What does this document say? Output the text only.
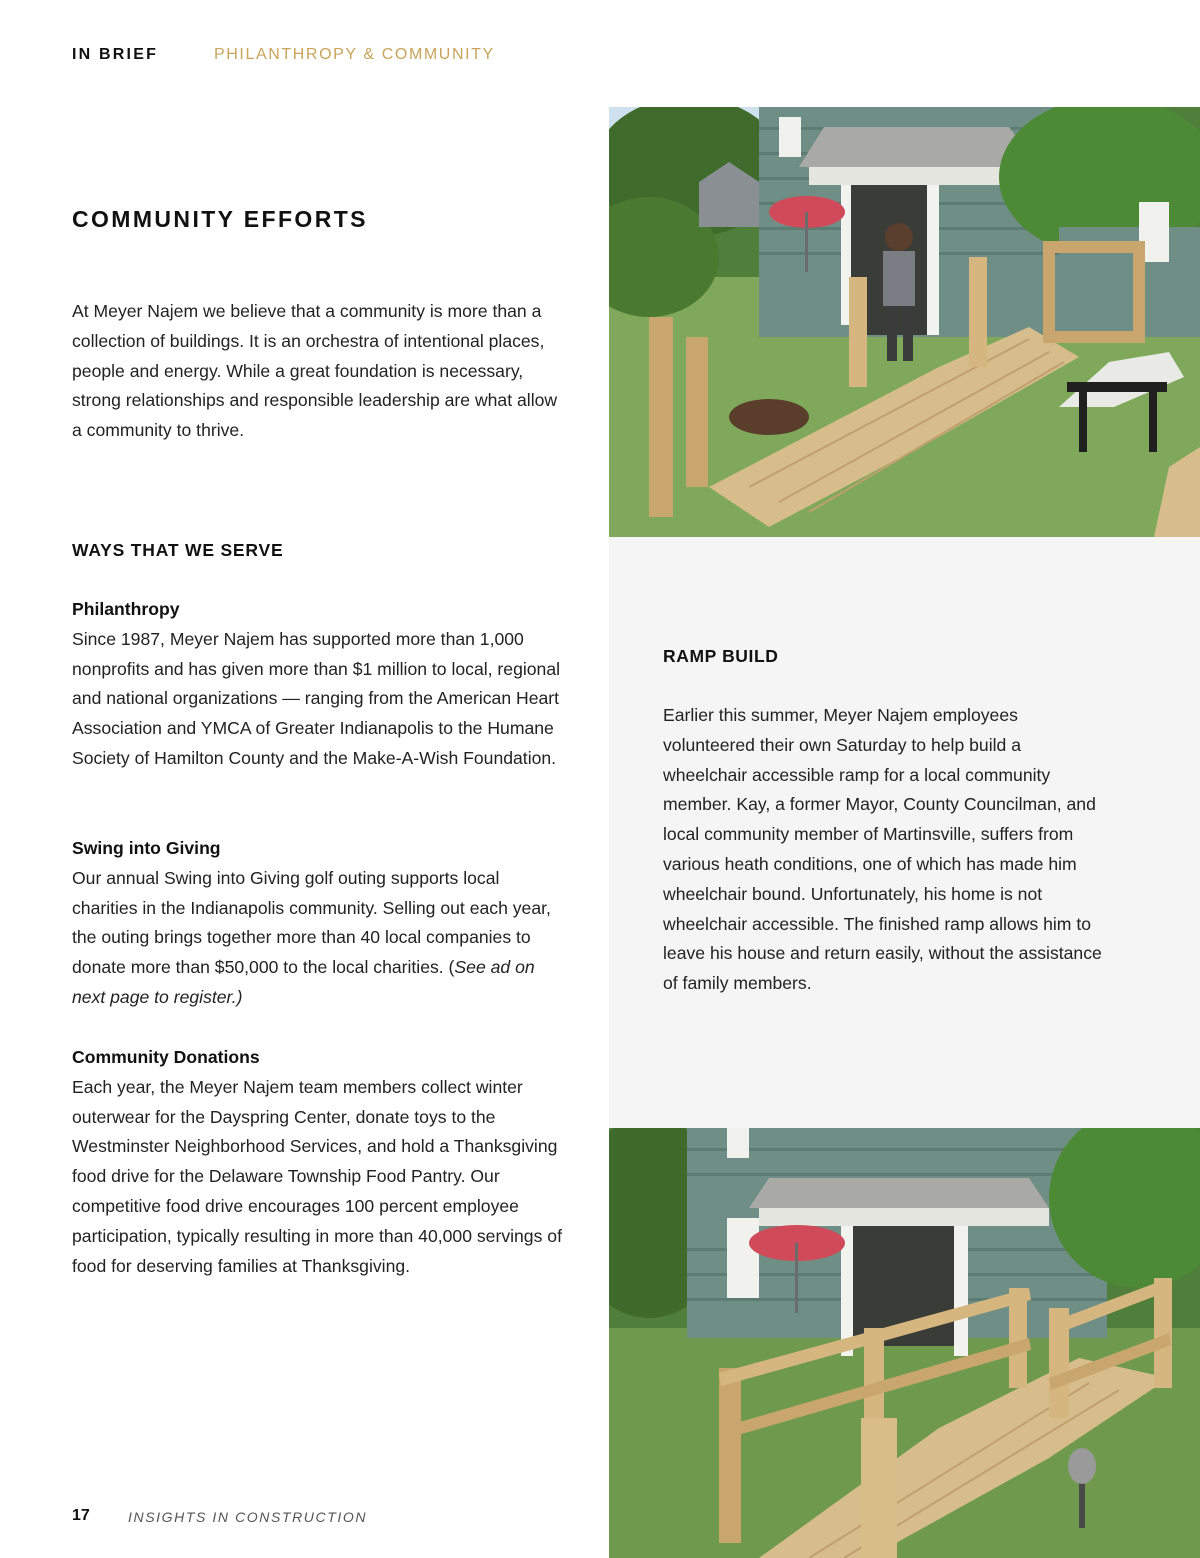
IN BRIEF	PHILANTHROPY & COMMUNITY
COMMUNITY EFFORTS

At Meyer Najem we believe that a community is more than a collection of buildings. It is an orchestra of intentional places, people and energy. While a great foundation is necessary, strong relationships and responsible leadership are what allow a community to thrive.

WAYS THAT WE SERVE

Philanthropy

Since 1987, Meyer Najem has supported more than 1,000 nonprofits and has given more than $1 million to local, regional and national organizations — ranging from the American Heart Association and YMCA of Greater Indianapolis to the Humane Society of Hamilton County and the Make-A-Wish Foundation.

Swing into Giving

Our annual Swing into Giving golf outing supports local charities in the Indianapolis community. Selling out each year, the outing brings together more than 40 local companies to donate more than $50,000 to the local charities. (See ad on next page to register.)

Community Donations

Each year, the Meyer Najem team members collect winter outerwear for the Dayspring Center, donate toys to the Westminster Neighborhood Services, and hold a Thanksgiving food drive for the Delaware Township Food Pantry. Our competitive food drive encourages 100 percent employee participation, typically resulting in more than 40,000 servings of food for deserving families at Thanksgiving.

RAMP BUILD

Earlier this summer, Meyer Najem employees volunteered their own Saturday to help build a wheelchair accessible ramp for a local community member. Kay, a former Mayor, County Councilman, and local community member of Martinsville, suffers from various heath conditions, one of which has made him wheelchair bound. Unfortunately, his home is not wheelchair accessible. The finished ramp allows him to leave his house and return easily, without the assistance of family members.

17	INSIGHTS IN CONSTRUCTION
